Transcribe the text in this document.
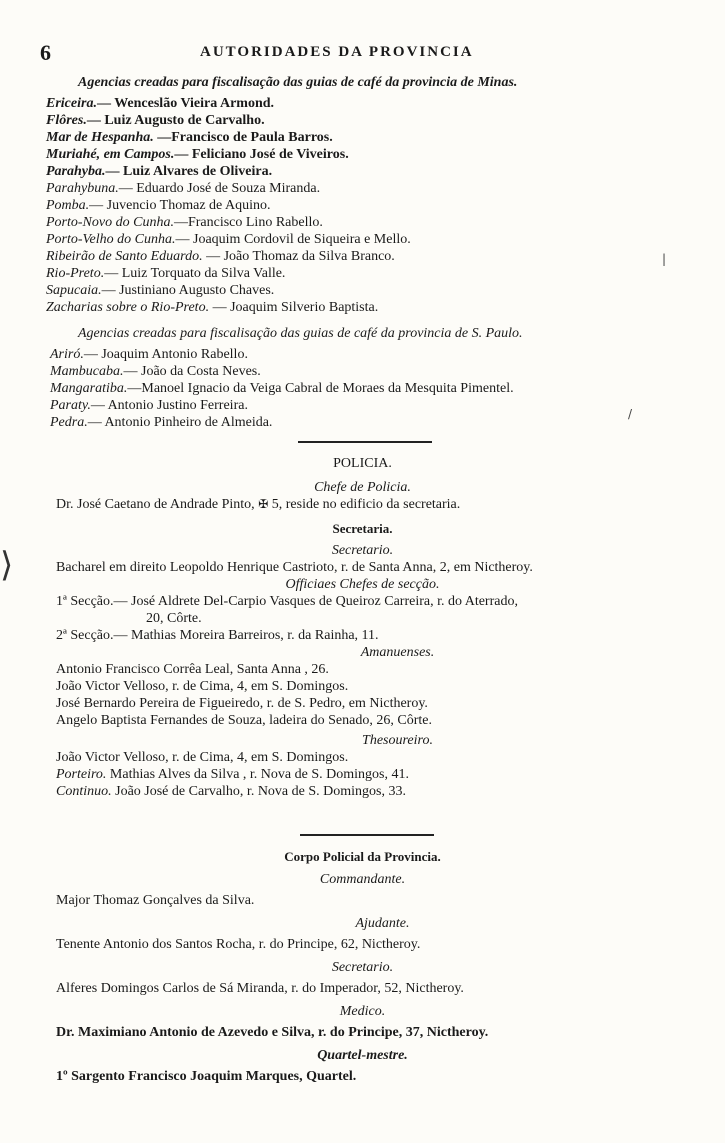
6	AUTORIDADES DA PROVINCIA
Agencias creadas para fiscalisação das guias de café da provincia de Minas.
Ericeira.— Wenceslão Vieira Armond.
Flôres.— Luiz Augusto de Carvalho.
Mar de Hespanha. —Francisco de Paula Barros.
Muriahé, em Campos.— Feliciano José de Viveiros.
Parahyba.— Luiz Alvares de Oliveira.
Parahybuna.— Eduardo José de Souza Miranda.
Pomba.— Juvencio Thomaz de Aquino.
Porto-Novo do Cunha.—Francisco Lino Rabello.
Porto-Velho do Cunha.— Joaquim Cordovil de Siqueira e Mello.
Ribeirão de Santo Eduardo. — João Thomaz da Silva Branco.
Rio-Preto.— Luiz Torquato da Silva Valle.
Sapucaia.— Justiniano Augusto Chaves.
Zacharias sobre o Rio-Preto. — Joaquim Silverio Baptista.
Agencias creadas para fiscalisação das guias de café da provincia de S. Paulo.
Ariró.— Joaquim Antonio Rabello.
Mambucaba.— João da Costa Neves.
Mangaratiba.—Manoel Ignacio da Veiga Cabral de Moraes da Mesquita Pimentel.
Paraty.— Antonio Justino Ferreira.
Pedra.— Antonio Pinheiro de Almeida.
POLICIA.
Chefe de Policia.
Dr. José Caetano de Andrade Pinto, ✠ 5, reside no edificio da secretaria.
Secretaria.
Secretario.
Bacharel em direito Leopoldo Henrique Castrioto, r. de Santa Anna, 2, em Nictheroy.
Officiaes Chefes de secção.
1ª Secção.— José Aldrete Del-Carpio Vasques de Queiroz Carreira, r. do Aterrado,
20, Côrte.
2ª Secção.— Mathias Moreira Barreiros, r. da Rainha, 11.
Amanuenses.
Antonio Francisco Corrêa Leal, Santa Anna , 26.
João Victor Velloso, r. de Cima, 4, em S. Domingos.
José Bernardo Pereira de Figueiredo, r. de S. Pedro, em Nictheroy.
Angelo Baptista Fernandes de Souza, ladeira do Senado, 26, Côrte.
Thesoureiro.
João Victor Velloso, r. de Cima, 4, em S. Domingos.
Porteiro. Mathias Alves da Silva , r. Nova de S. Domingos, 41.
Continuo. João José de Carvalho, r. Nova de S. Domingos, 33.
Corpo Policial da Provincia.
Commandante.
Major Thomaz Gonçalves da Silva.
Ajudante.
Tenente Antonio dos Santos Rocha, r. do Principe, 62, Nictheroy.
Secretario.
Alferes Domingos Carlos de Sá Miranda, r. do Imperador, 52, Nictheroy.
Medico.
Dr. Maximiano Antonio de Azevedo e Silva, r. do Principe, 37, Nictheroy.
Quartel-mestre.
1º Sargento Francisco Joaquim Marques, Quartel.
⟩
|
/
